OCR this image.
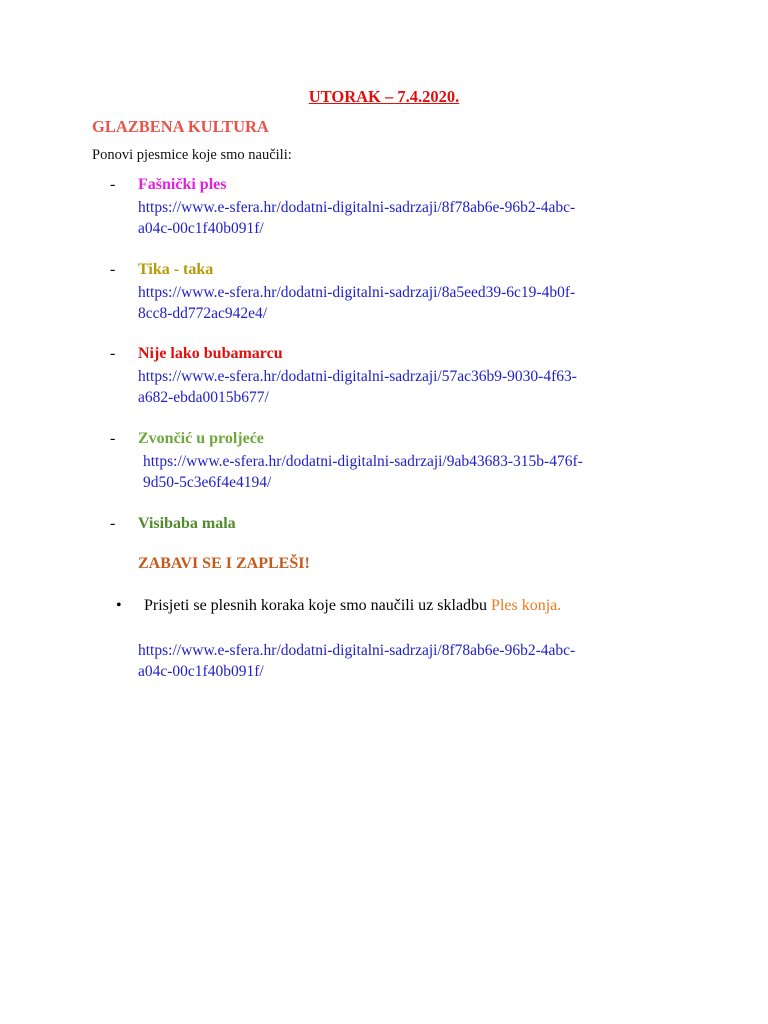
UTORAK – 7.4.2020.
GLAZBENA KULTURA
Ponovi pjesmice koje smo naučili:
- Fašnički ples
https://www.e-sfera.hr/dodatni-digitalni-sadrzaji/8f78ab6e-96b2-4abc-
a04c-00c1f40b091f/
- Tika - taka
https://www.e-sfera.hr/dodatni-digitalni-sadrzaji/8a5eed39-6c19-4b0f-
8cc8-dd772ac942e4/
- Nije lako bubamarcu
https://www.e-sfera.hr/dodatni-digitalni-sadrzaji/57ac36b9-9030-4f63-
a682-ebda0015b677/
- Zvončić u proljeće
https://www.e-sfera.hr/dodatni-digitalni-sadrzaji/9ab43683-315b-476f-
9d50-5c3e6f4e4194/
- Visibaba mala
ZABAVI SE I ZAPLEŠI!
• Prisjeti se plesnih koraka koje smo naučili uz skladbu Ples konja.
https://www.e-sfera.hr/dodatni-digitalni-sadrzaji/8f78ab6e-96b2-4abc-
a04c-00c1f40b091f/
